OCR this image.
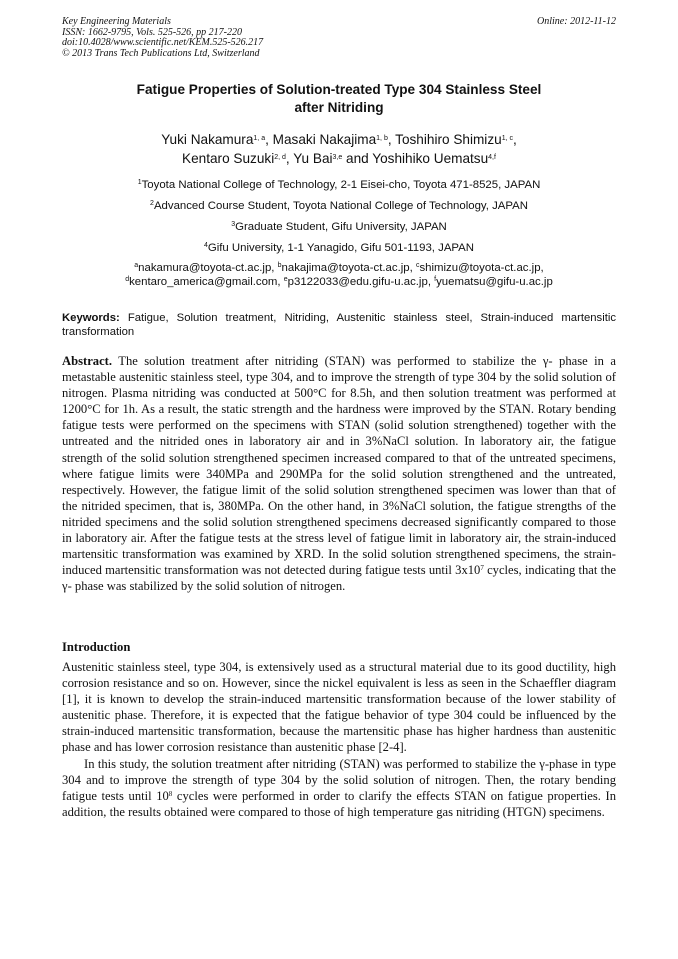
Key Engineering Materials
ISSN: 1662-9795, Vols. 525-526, pp 217-220
doi:10.4028/www.scientific.net/KEM.525-526.217
© 2013 Trans Tech Publications Ltd, Switzerland
Online: 2012-11-12
Fatigue Properties of Solution-treated Type 304 Stainless Steel
after Nitriding
Yuki Nakamura$^{1, a}$, Masaki Nakajima$^{1, b}$, Toshihiro Shimizu$^{1, c}$,
Kentaro Suzuki$^{2, d}$, Yu Bai$^{3,e}$ and Yoshihiko Uematsu$^{4,f}$
$^1$Toyota National College of Technology, 2-1 Eisei-cho, Toyota 471-8525, JAPAN
$^2$Advanced Course Student, Toyota National College of Technology, JAPAN
$^3$Graduate Student, Gifu University, JAPAN
$^4$Gifu University, 1-1 Yanagido, Gifu 501-1193, JAPAN
$^a$nakamura@toyota-ct.ac.jp, $^b$nakajima@toyota-ct.ac.jp, $^c$shimizu@toyota-ct.ac.jp,
$^d$kentaro_america@gmail.com, $^e$p3122033@edu.gifu-u.ac.jp, $^f$yuematsu@gifu-u.ac.jp
Keywords: Fatigue, Solution treatment, Nitriding, Austenitic stainless steel, Strain-induced martensitic transformation
Abstract. The solution treatment after nitriding (STAN) was performed to stabilize the γ- phase in a metastable austenitic stainless steel, type 304, and to improve the strength of type 304 by the solid solution of nitrogen. Plasma nitriding was conducted at 500°C for 8.5h, and then solution treatment was performed at 1200°C for 1h. As a result, the static strength and the hardness were improved by the STAN. Rotary bending fatigue tests were performed on the specimens with STAN (solid solution strengthened) together with the untreated and the nitrided ones in laboratory air and in 3%NaCl solution. In laboratory air, the fatigue strength of the solid solution strengthened specimen increased compared to that of the untreated specimens, where fatigue limits were 340MPa and 290MPa for the solid solution strengthened and the untreated, respectively. However, the fatigue limit of the solid solution strengthened specimen was lower than that of the nitrided specimen, that is, 380MPa. On the other hand, in 3%NaCl solution, the fatigue strengths of the nitrided specimens and the solid solution strengthened specimens decreased significantly compared to those in laboratory air. After the fatigue tests at the stress level of fatigue limit in laboratory air, the strain-induced martensitic transformation was examined by XRD. In the solid solution strengthened specimens, the strain-induced martensitic transformation was not detected during fatigue tests until $3x10^7$ cycles, indicating that the γ- phase was stabilized by the solid solution of nitrogen.
Introduction

Austenitic stainless steel, type 304, is extensively used as a structural material due to its good ductility, high corrosion resistance and so on. However, since the nickel equivalent is less as seen in the Schaeffler diagram [1], it is known to develop the strain-induced martensitic transformation because of the lower stability of austenitic phase. Therefore, it is expected that the fatigue behavior of type 304 could be influenced by the strain-induced martensitic transformation, because the martensitic phase has higher hardness than austenitic phase and has lower corrosion resistance than austenitic phase [2-4].

In this study, the solution treatment after nitriding (STAN) was performed to stabilize the γ-phase in type 304 and to improve the strength of type 304 by the solid solution of nitrogen. Then, the rotary bending fatigue tests until $10^8$ cycles were performed in order to clarify the effects STAN on fatigue properties. In addition, the results obtained were compared to those of high temperature gas nitriding (HTGN) specimens.
